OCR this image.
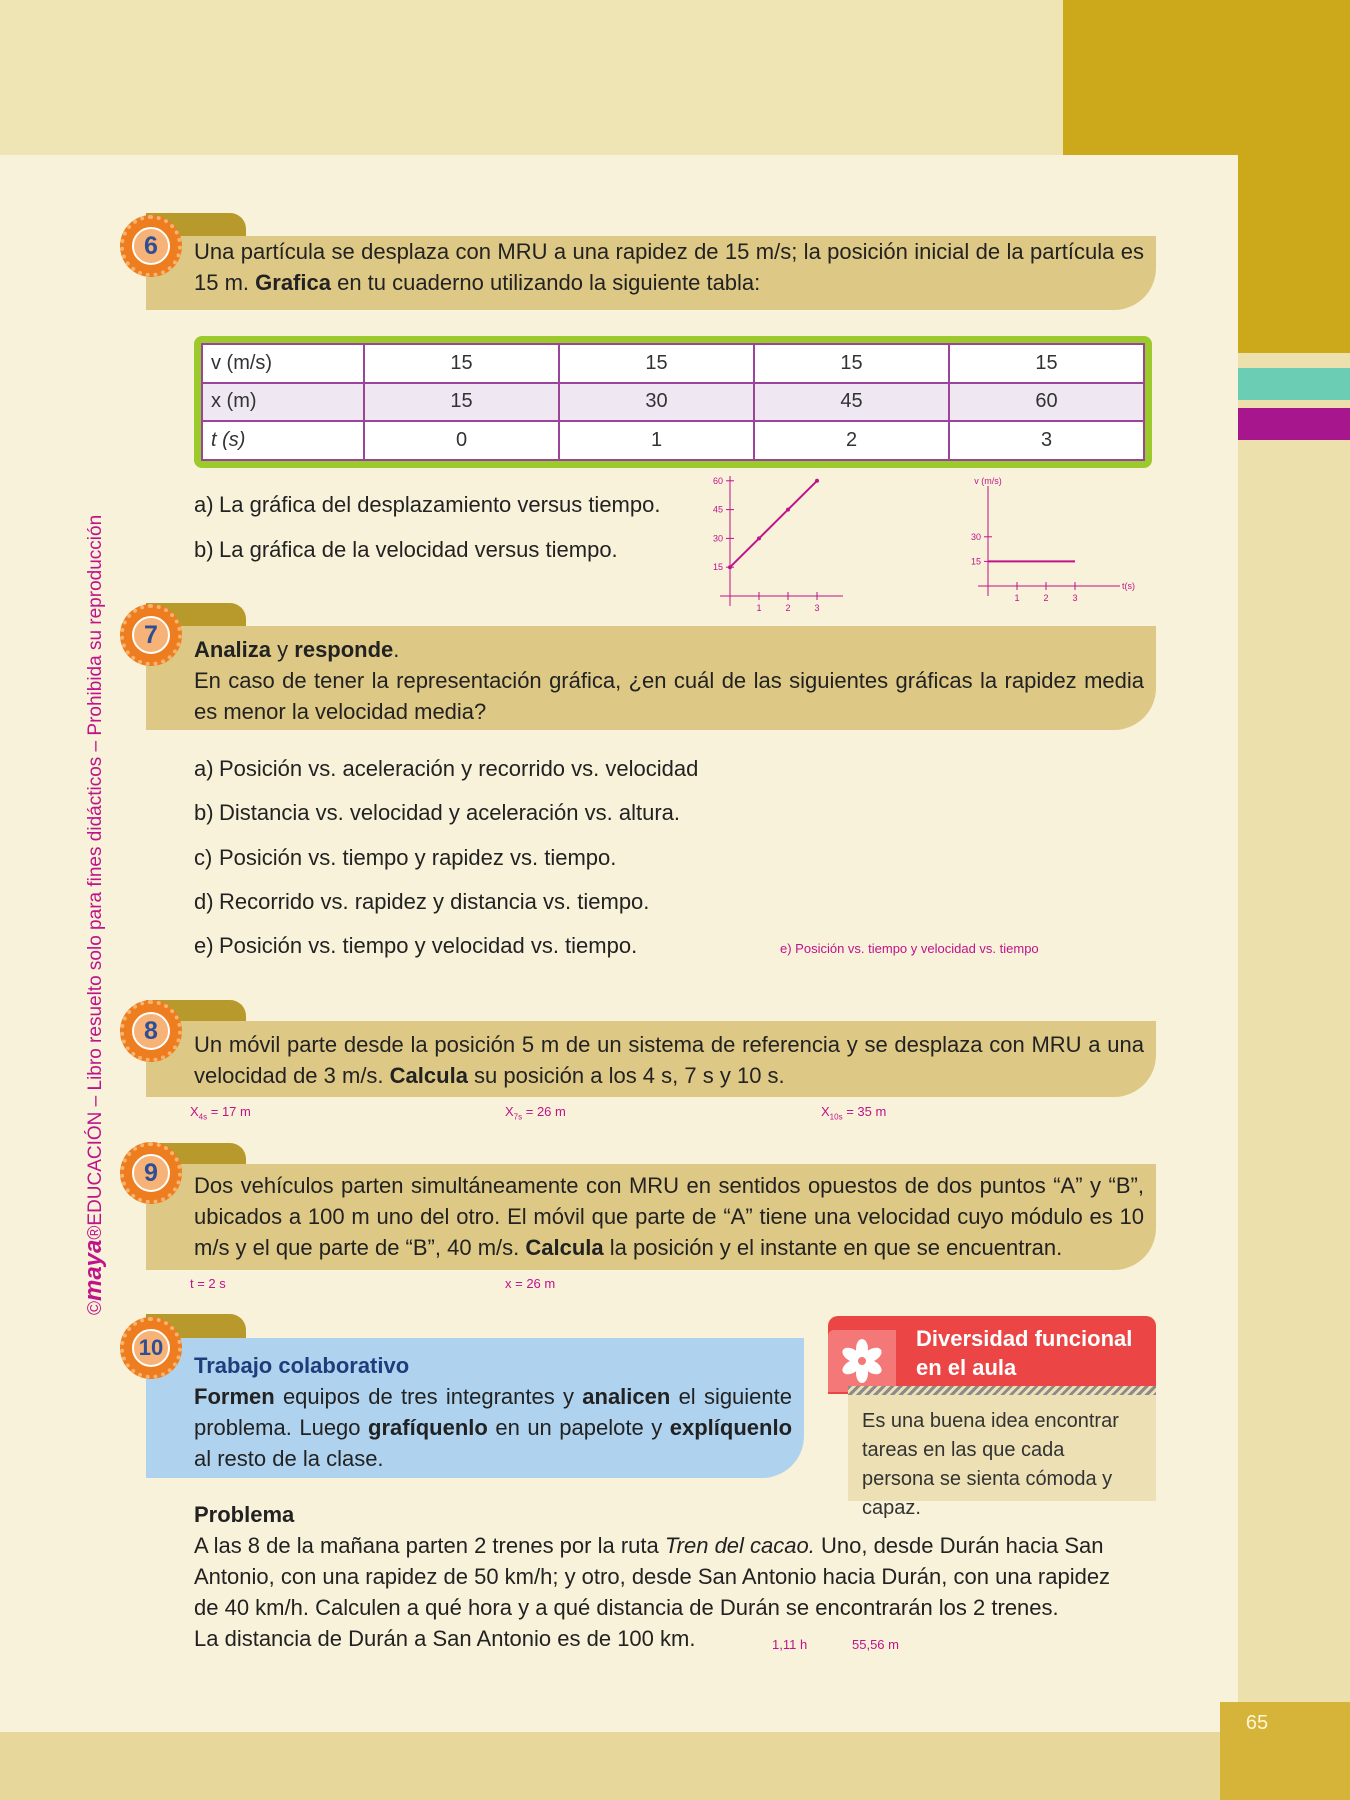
65
©maya®EDUCACIÓN – Libro resuelto solo para fines didácticos – Prohibida su reproducción
Una partícula se desplaza con MRU a una rapidez de 15 m/s; la posición inicial de la partícula es 15 m. Grafica en tu cuaderno utilizando la siguiente tabla:
6
v (m/s)	15	15	15	15
x (m)	15	30	45	60
t (s)	0	1	2	3
a) La gráfica del desplazamiento versus tiempo.
b) La gráfica de la velocidad versus tiempo.
1	2	3
15
30
45
60
1	2	3
15
30
v (m/s)
t(s)
Analiza y responde.
En caso de tener la representación gráfica, ¿en cuál de las siguientes gráficas la rapidez media es menor la velocidad media?
7
a) Posición vs. aceleración y recorrido vs. velocidad
b) Distancia vs. velocidad y aceleración vs. altura.
c) Posición vs. tiempo y rapidez vs. tiempo.
d) Recorrido vs. rapidez y distancia vs. tiempo.
e) Posición vs. tiempo y velocidad vs. tiempo.	e) Posición vs. tiempo y velocidad vs. tiempo
Un móvil parte desde la posición 5 m de un sistema de referencia y se desplaza con MRU a una velocidad de 3 m/s. Calcula su posición a los 4 s, 7 s y 10 s.
8
$X_{4s} = 17$ m	$X_{7s} = 26$ m	$X_{10s} = 35$ m
Dos vehículos parten simultáneamente con MRU en sentidos opuestos de dos puntos “A” y “B”, ubicados a 100 m uno del otro. El móvil que parte de “A” tiene una velocidad cuyo módulo es 10 m/s y el que parte de “B”, 40 m/s. Calcula la posición y el instante en que se encuentran.
9
t = 2 s	x = 26 m
Trabajo colaborativo
Formen equipos de tres integrantes y analicen el siguiente problema. Luego grafíquenlo en un papelote y explíquenlo al resto de la clase.
10	Diversidad funcional en el aula
Es una buena idea encontrar tareas en las que cada persona se sienta cómoda y capaz.
Problema
A las 8 de la mañana parten 2 trenes por la ruta Tren del cacao. Uno, desde Durán hacia San
Antonio, con una rapidez de 50 km/h; y otro, desde San Antonio hacia Durán, con una rapidez
de 40 km/h. Calculen a qué hora y a qué distancia de Durán se encontrarán los 2 trenes.
La distancia de Durán a San Antonio es de 100 km.	1,11 h	55,56 m
